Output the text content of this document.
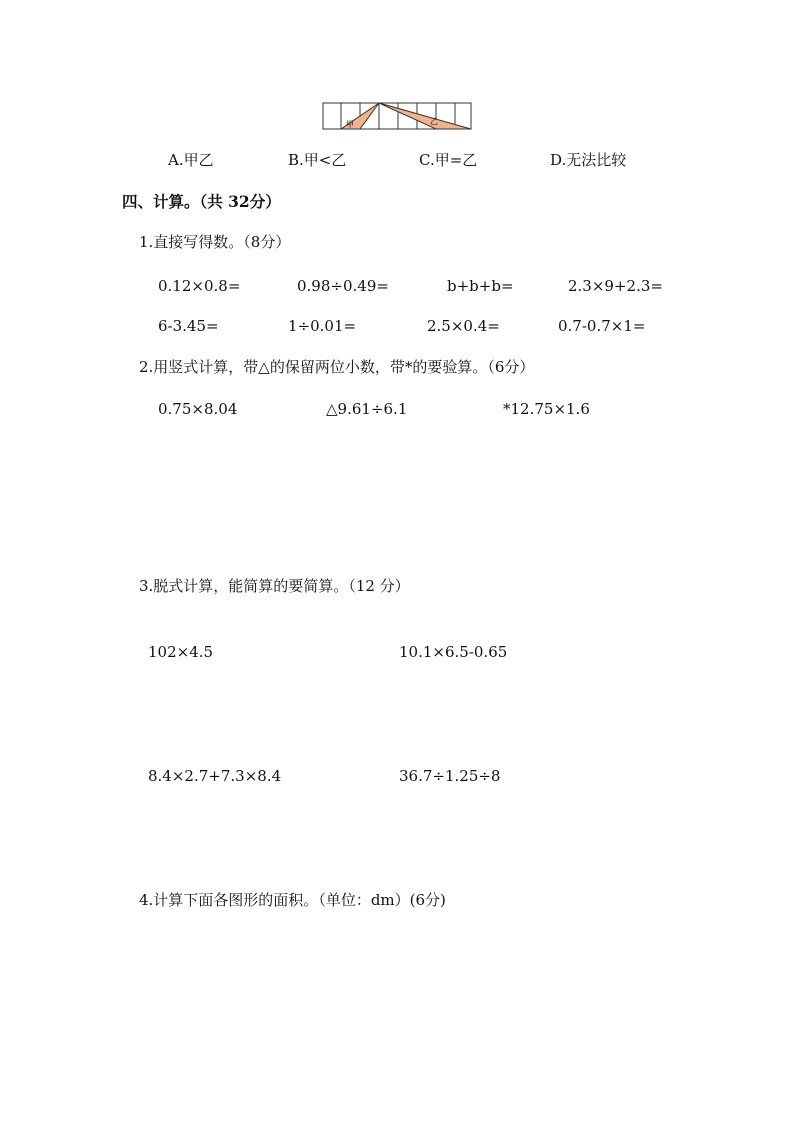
甲	乙
A.甲乙	B.甲<乙	C.甲=乙	D.无法比较
四、计算。（共 32分）
1.直接写得数。（8分）
0.12×0.8=	0.98÷0.49=	b+b+b=	2.3×9+2.3=
6-3.45=	1÷0.01=	2.5×0.4=	0.7-0.7×1=
2.用竖式计算，带△的保留两位小数，带*的要验算。（6分）
0.75×8.04	△9.61÷6.1	*12.75×1.6
3.脱式计算，能简算的要简算。（12 分）
102×4.5	10.1×6.5-0.65
8.4×2.7+7.3×8.4	36.7÷1.25÷8
4.计算下面各图形的面积。（单位：dm）(6分)
